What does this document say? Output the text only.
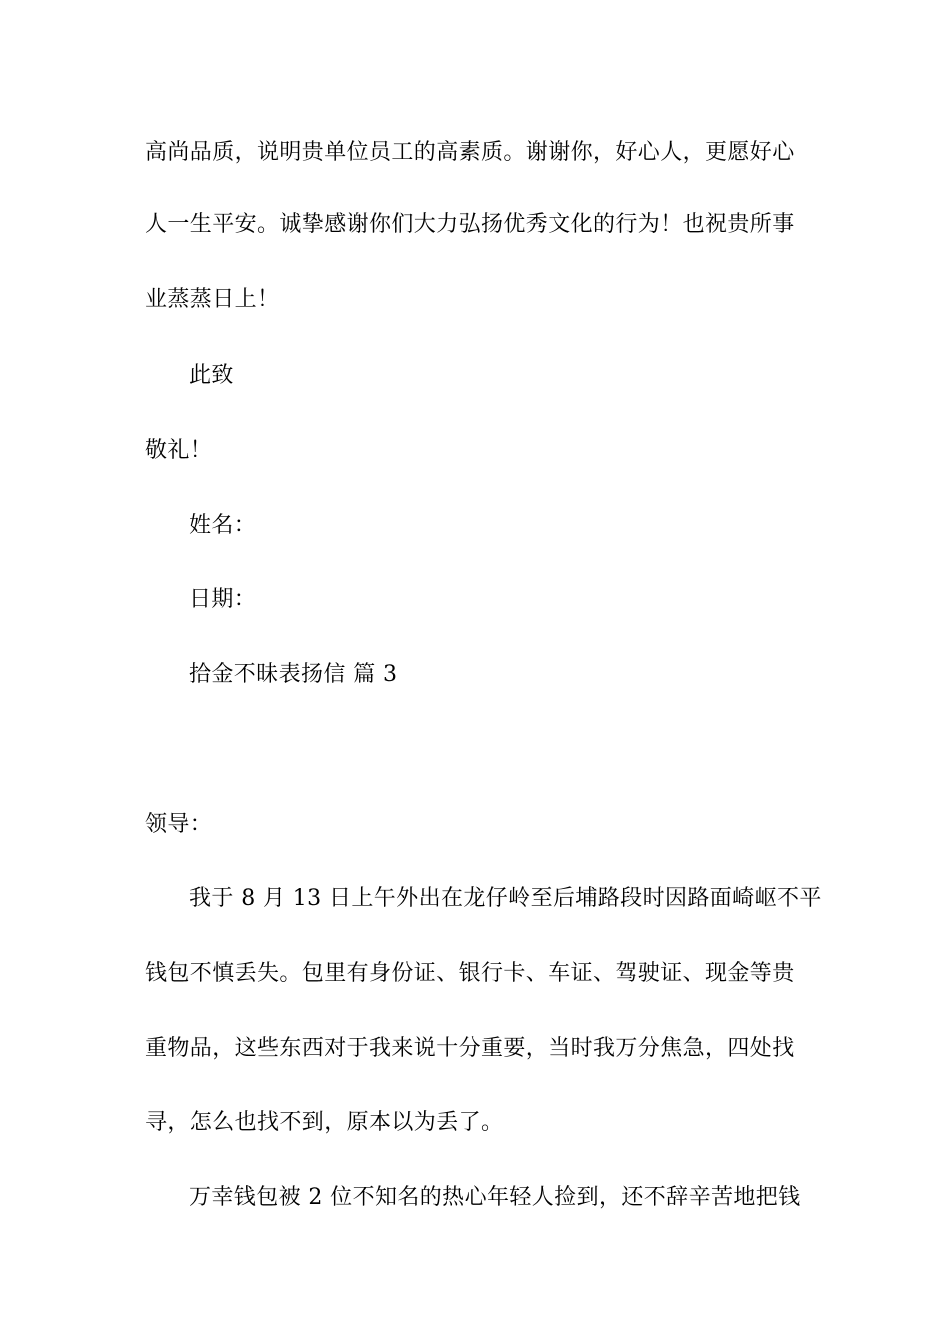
高尚品质，说明贵单位员工的高素质。谢谢你，好心人，更愿好心
人一生平安。诚挚感谢你们大力弘扬优秀文化的行为！也祝贵所事
业蒸蒸日上！
此致
敬礼！
姓名：
日期：
拾金不昧表扬信 篇 3
领导：
我于 8 月 13 日上午外出在龙仔岭至后埔路段时因路面崎岖不平
钱包不慎丢失。包里有身份证、银行卡、车证、驾驶证、现金等贵
重物品，这些东西对于我来说十分重要，当时我万分焦急，四处找
寻，怎么也找不到，原本以为丢了。
万幸钱包被 2 位不知名的热心年轻人捡到，还不辞辛苦地把钱
